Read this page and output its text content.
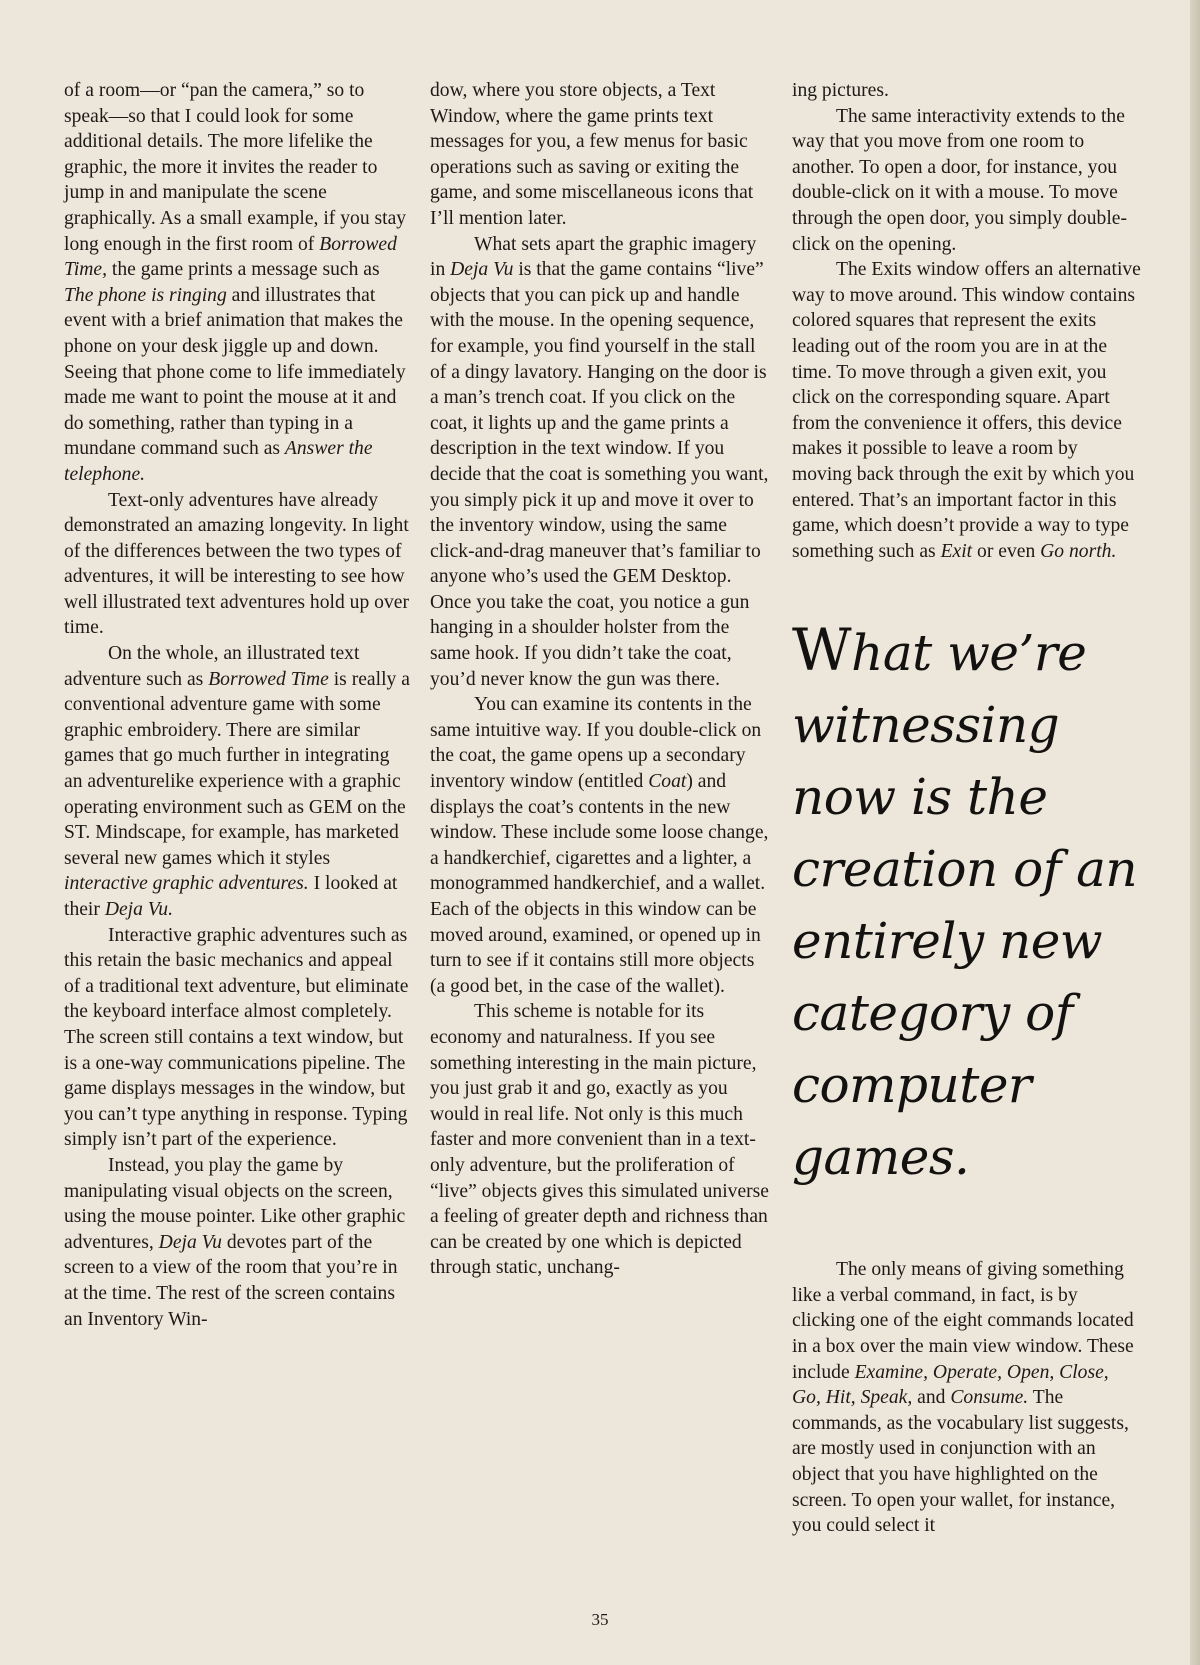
of a room—or “pan the camera,” so to speak—so that I could look for some additional details. The more lifelike the graphic, the more it invites the reader to jump in and manipulate the scene graphically. As a small example, if you stay long enough in the first room of Borrowed Time, the game prints a message such as The phone is ringing and illustrates that event with a brief animation that makes the phone on your desk jiggle up and down. Seeing that phone come to life immediately made me want to point the mouse at it and do something, rather than typing in a mundane command such as Answer the telephone.

Text-only adventures have already demonstrated an amazing longevity. In light of the differences between the two types of adventures, it will be interesting to see how well illustrated text adventures hold up over time.

On the whole, an illustrated text adventure such as Borrowed Time is really a conventional adventure game with some graphic embroidery. There are similar games that go much further in integrating an adventurelike experience with a graphic operating environment such as GEM on the ST. Mindscape, for example, has marketed several new games which it styles interactive graphic adventures. I looked at their Deja Vu.

Interactive graphic adventures such as this retain the basic mechanics and appeal of a traditional text adventure, but eliminate the keyboard interface almost completely. The screen still contains a text window, but is a one-way communications pipeline. The game displays messages in the window, but you can’t type anything in response. Typing simply isn’t part of the experience.

Instead, you play the game by manipulating visual objects on the screen, using the mouse pointer. Like other graphic adventures, Deja Vu devotes part of the screen to a view of the room that you’re in at the time. The rest of the screen contains an Inventory Win-

dow, where you store objects, a Text Window, where the game prints text messages for you, a few menus for basic operations such as saving or exiting the game, and some miscellaneous icons that I’ll mention later.

What sets apart the graphic imagery in Deja Vu is that the game contains “live” objects that you can pick up and handle with the mouse. In the opening sequence, for example, you find yourself in the stall of a dingy lavatory. Hanging on the door is a man’s trench coat. If you click on the coat, it lights up and the game prints a description in the text window. If you decide that the coat is something you want, you simply pick it up and move it over to the inventory window, using the same click-and-drag maneuver that’s familiar to anyone who’s used the GEM Desktop. Once you take the coat, you notice a gun hanging in a shoulder holster from the same hook. If you didn’t take the coat, you’d never know the gun was there.

You can examine its contents in the same intuitive way. If you double-click on the coat, the game opens up a secondary inventory window (entitled Coat) and displays the coat’s contents in the new window. These include some loose change, a handkerchief, cigarettes and a lighter, a monogrammed handkerchief, and a wallet. Each of the objects in this window can be moved around, examined, or opened up in turn to see if it contains still more objects (a good bet, in the case of the wallet).

This scheme is notable for its economy and naturalness. If you see something interesting in the main picture, you just grab it and go, exactly as you would in real life. Not only is this much faster and more convenient than in a text-only adventure, but the proliferation of “live” objects gives this simulated universe a feeling of greater depth and richness than can be created by one which is depicted through static, unchang-

ing pictures.

The same interactivity extends to the way that you move from one room to another. To open a door, for instance, you double-click on it with a mouse. To move through the open door, you simply double-click on the opening.

The Exits window offers an alternative way to move around. This window contains colored squares that represent the exits leading out of the room you are in at the time. To move through a given exit, you click on the corresponding square. Apart from the convenience it offers, this device makes it possible to leave a room by moving back through the exit by which you entered. That’s an important factor in this game, which doesn’t provide a way to type something such as Exit or even Go north.

What we’re witnessing now is the creation of an entirely new category of computer games.

The only means of giving something like a verbal command, in fact, is by clicking one of the eight commands located in a box over the main view window. These include Examine, Operate, Open, Close, Go, Hit, Speak, and Consume. The commands, as the vocabulary list suggests, are mostly used in conjunction with an object that you have highlighted on the screen. To open your wallet, for instance, you could select it

35
